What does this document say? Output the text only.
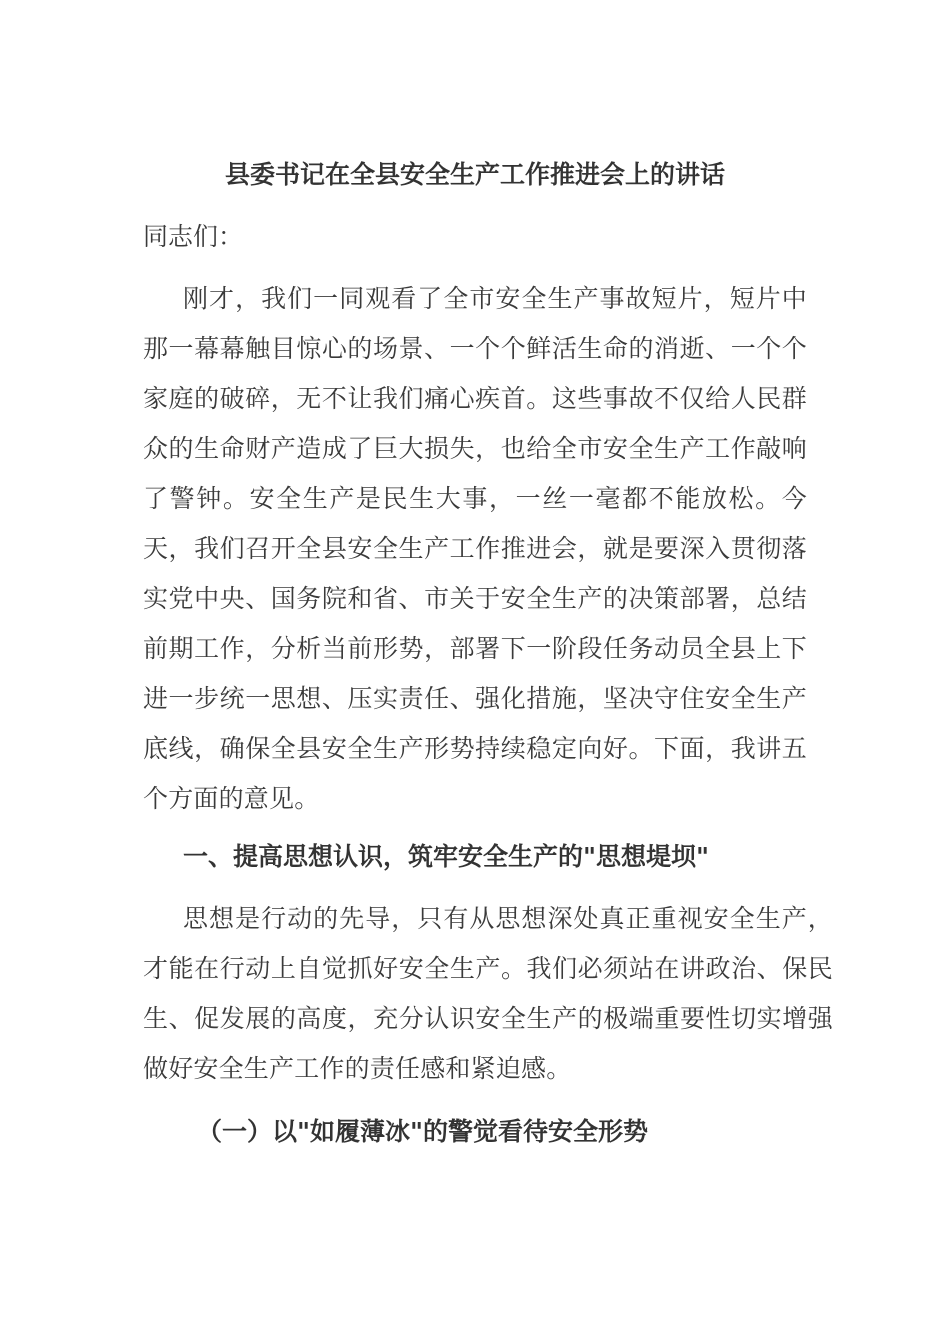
县委书记在全县安全生产工作推进会上的讲话

同志们：

刚才，我们一同观看了全市安全生产事故短片，短片中那一幕幕触目惊心的场景、一个个鲜活生命的消逝、一个个家庭的破碎，无不让我们痛心疾首。这些事故不仅给人民群众的生命财产造成了巨大损失，也给全市安全生产工作敲响了警钟。安全生产是民生大事，一丝一毫都不能放松。今天，我们召开全县安全生产工作推进会，就是要深入贯彻落实党中央、国务院和省、市关于安全生产的决策部署，总结前期工作，分析当前形势，部署下一阶段任务动员全县上下进一步统一思想、压实责任、强化措施，坚决守住安全生产底线，确保全县安全生产形势持续稳定向好。下面，我讲五个方面的意见。

一、提高思想认识，筑牢安全生产的"思想堤坝"

思想是行动的先导，只有从思想深处真正重视安全生产，才能在行动上自觉抓好安全生产。我们必须站在讲政治、保民生、促发展的高度，充分认识安全生产的极端重要性切实增强做好安全生产工作的责任感和紧迫感。

（一）以"如履薄冰"的警觉看待安全形势
